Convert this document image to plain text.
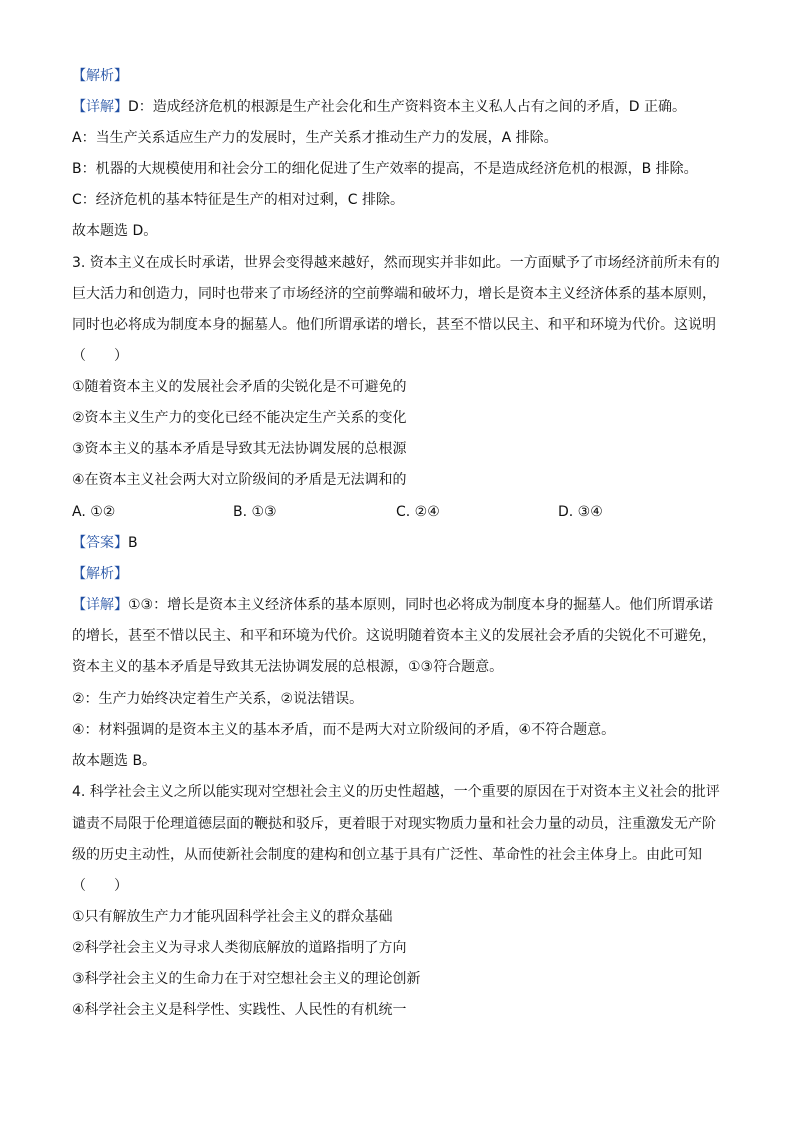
【解析】
【详解】D：造成经济危机的根源是生产社会化和生产资料资本主义私人占有之间的矛盾，D 正确。
A：当生产关系适应生产力的发展时，生产关系才推动生产力的发展，A 排除。
B：机器的大规模使用和社会分工的细化促进了生产效率的提高，不是造成经济危机的根源，B 排除。
C：经济危机的基本特征是生产的相对过剩，C 排除。
故本题选 D。
3. 资本主义在成长时承诺，世界会变得越来越好，然而现实并非如此。一方面赋予了市场经济前所未有的
巨大活力和创造力，同时也带来了市场经济的空前弊端和破坏力，增长是资本主义经济体系的基本原则，
同时也必将成为制度本身的掘墓人。他们所谓承诺的增长，甚至不惜以民主、和平和环境为代价。这说明
（　　）
①随着资本主义的发展社会矛盾的尖锐化是不可避免的
②资本主义生产力的变化已经不能决定生产关系的变化
③资本主义的基本矛盾是导致其无法协调发展的总根源
④在资本主义社会两大对立阶级间的矛盾是无法调和的
A. ①②	B. ①③	C. ②④	D. ③④
【答案】B
【解析】
【详解】①③：增长是资本主义经济体系的基本原则，同时也必将成为制度本身的掘墓人。他们所谓承诺
的增长，甚至不惜以民主、和平和环境为代价。这说明随着资本主义的发展社会矛盾的尖锐化不可避免，
资本主义的基本矛盾是导致其无法协调发展的总根源，①③符合题意。
②：生产力始终决定着生产关系，②说法错误。
④：材料强调的是资本主义的基本矛盾，而不是两大对立阶级间的矛盾，④不符合题意。
故本题选 B。
4. 科学社会主义之所以能实现对空想社会主义的历史性超越，一个重要的原因在于对资本主义社会的批评
谴责不局限于伦理道德层面的鞭挞和驳斥，更着眼于对现实物质力量和社会力量的动员，注重激发无产阶
级的历史主动性，从而使新社会制度的建构和创立基于具有广泛性、革命性的社会主体身上。由此可知
（　　）
①只有解放生产力才能巩固科学社会主义的群众基础
②科学社会主义为寻求人类彻底解放的道路指明了方向
③科学社会主义的生命力在于对空想社会主义的理论创新
④科学社会主义是科学性、实践性、人民性的有机统一
